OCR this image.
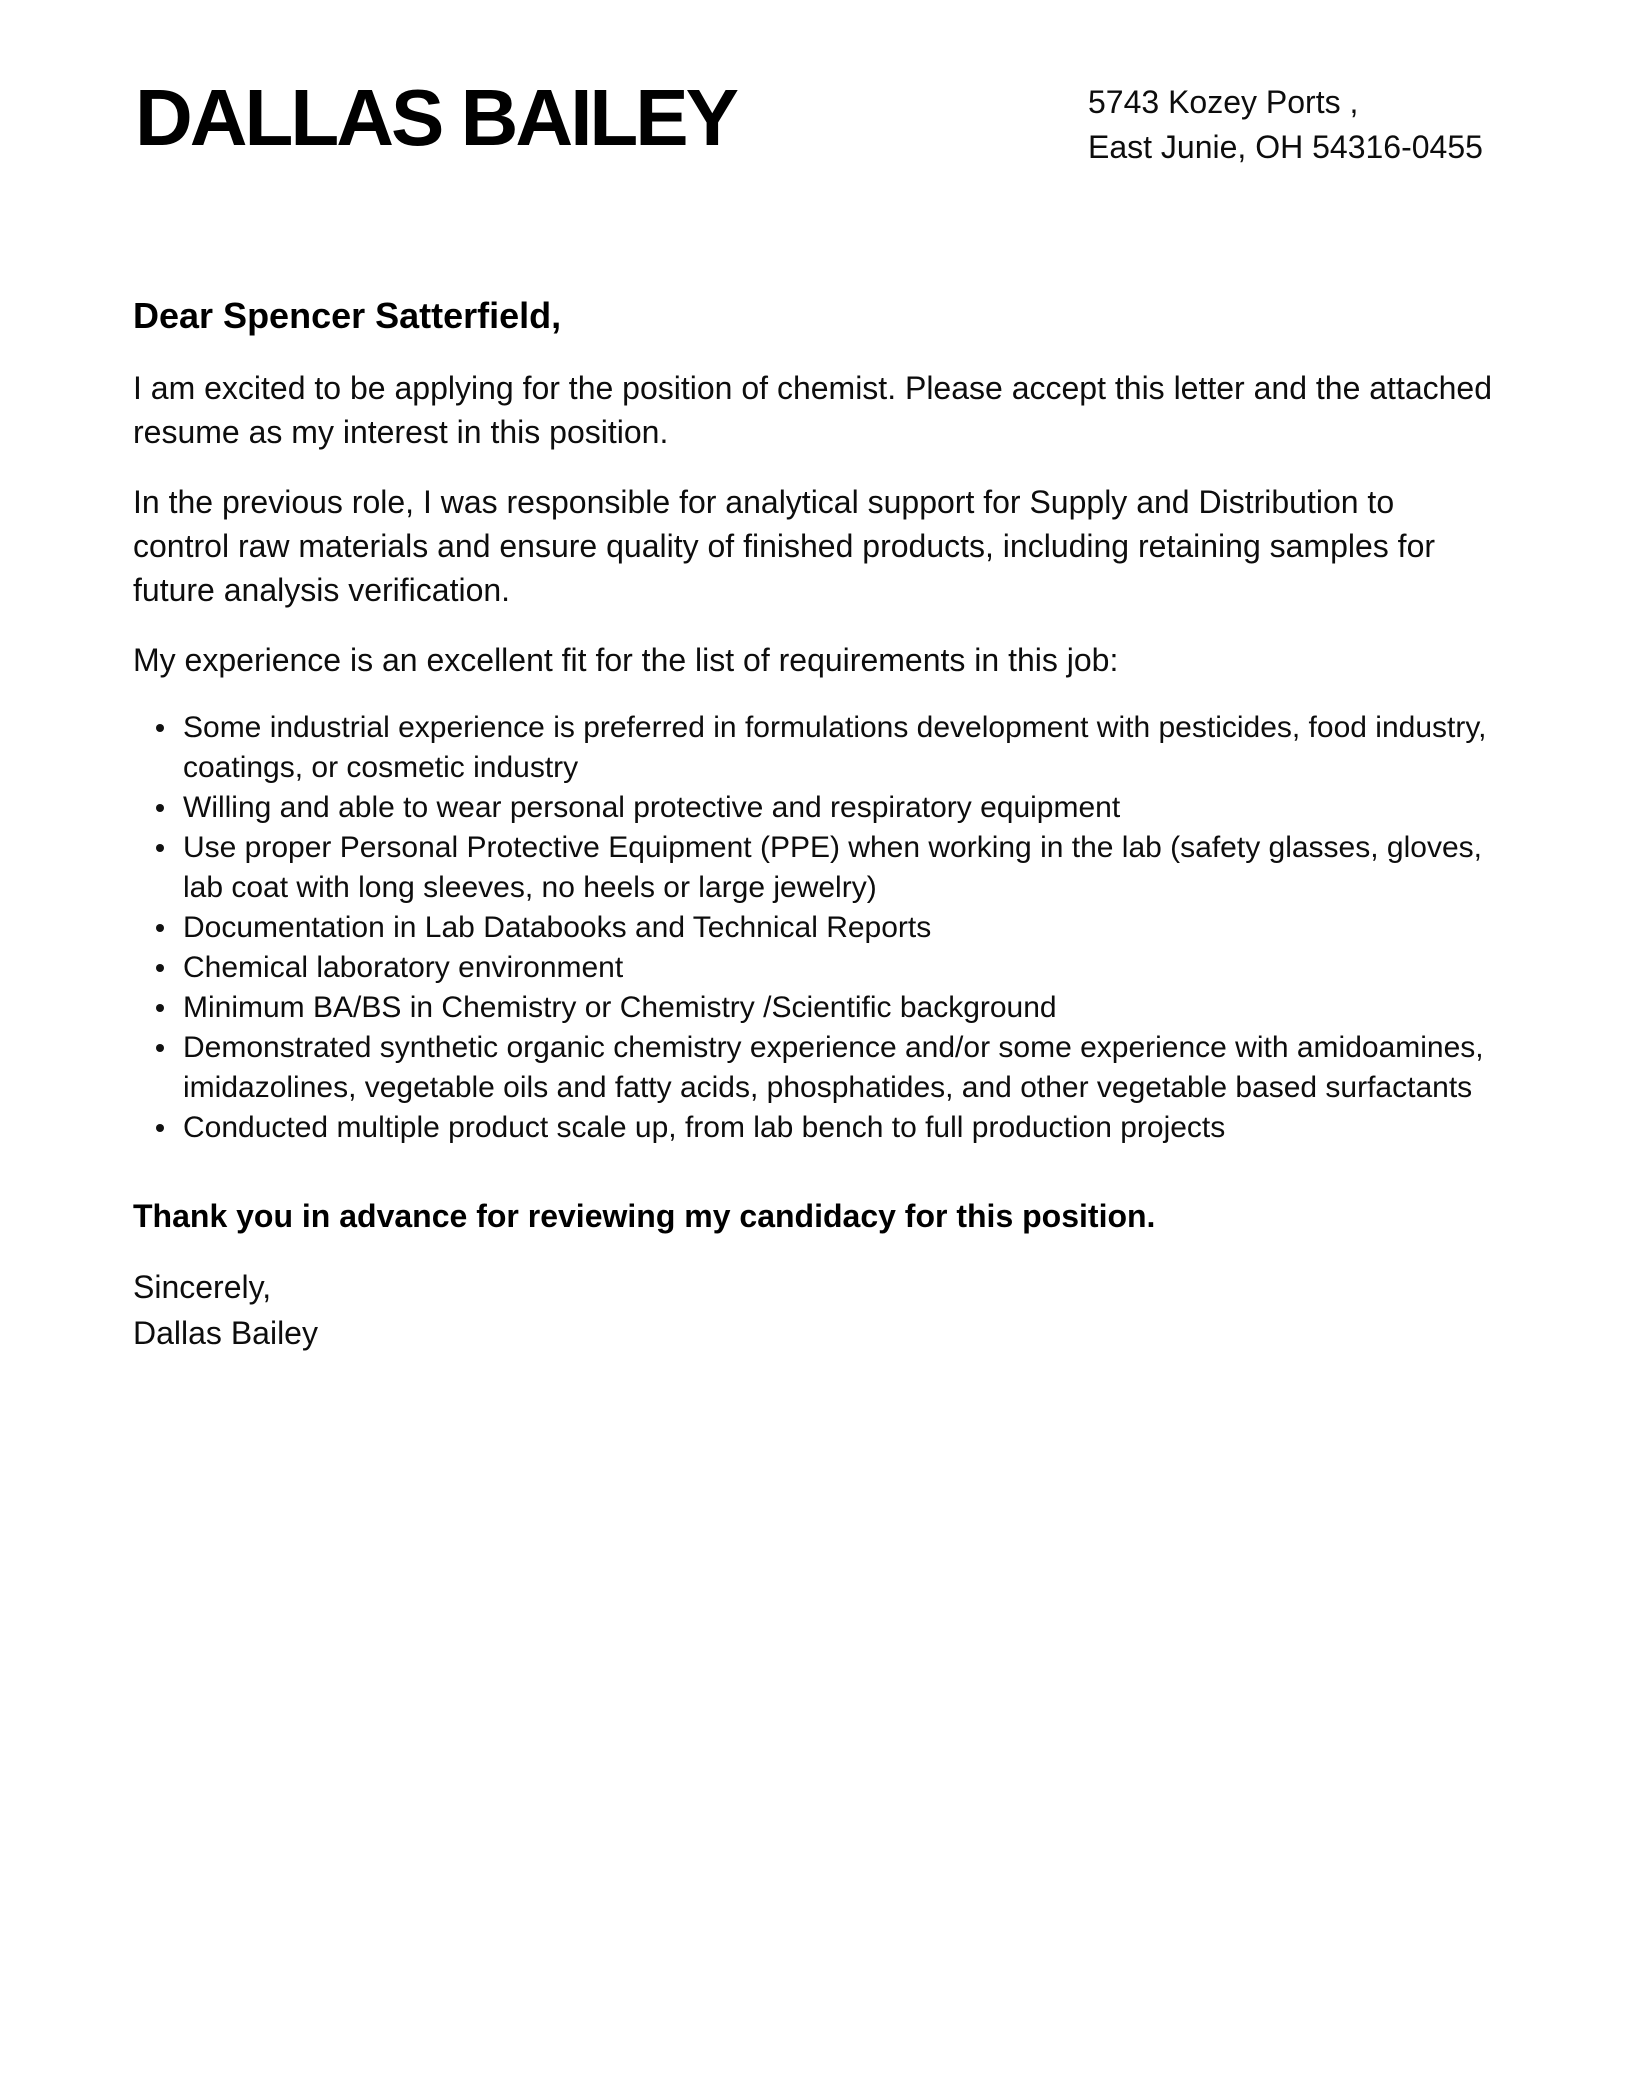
DALLAS BAILEY	5743 Kozey Ports ,
East Junie, OH 54316-0455

Dear Spencer Satterfield,

I am excited to be applying for the position of chemist. Please accept this letter and the attached resume as my interest in this position.

In the previous role, I was responsible for analytical support for Supply and Distribution to control raw materials and ensure quality of finished products, including retaining samples for future analysis verification.

My experience is an excellent fit for the list of requirements in this job:

Some industrial experience is preferred in formulations development with pesticides, food industry, coatings, or cosmetic industry
Willing and able to wear personal protective and respiratory equipment
Use proper Personal Protective Equipment (PPE) when working in the lab (safety glasses, gloves, lab coat with long sleeves, no heels or large jewelry)
Documentation in Lab Databooks and Technical Reports
Chemical laboratory environment
Minimum BA/BS in Chemistry or Chemistry /Scientific background
Demonstrated synthetic organic chemistry experience and/or some experience with amidoamines, imidazolines, vegetable oils and fatty acids, phosphatides, and other vegetable based surfactants
Conducted multiple product scale up, from lab bench to full production projects

Thank you in advance for reviewing my candidacy for this position.

Sincerely,
Dallas Bailey
